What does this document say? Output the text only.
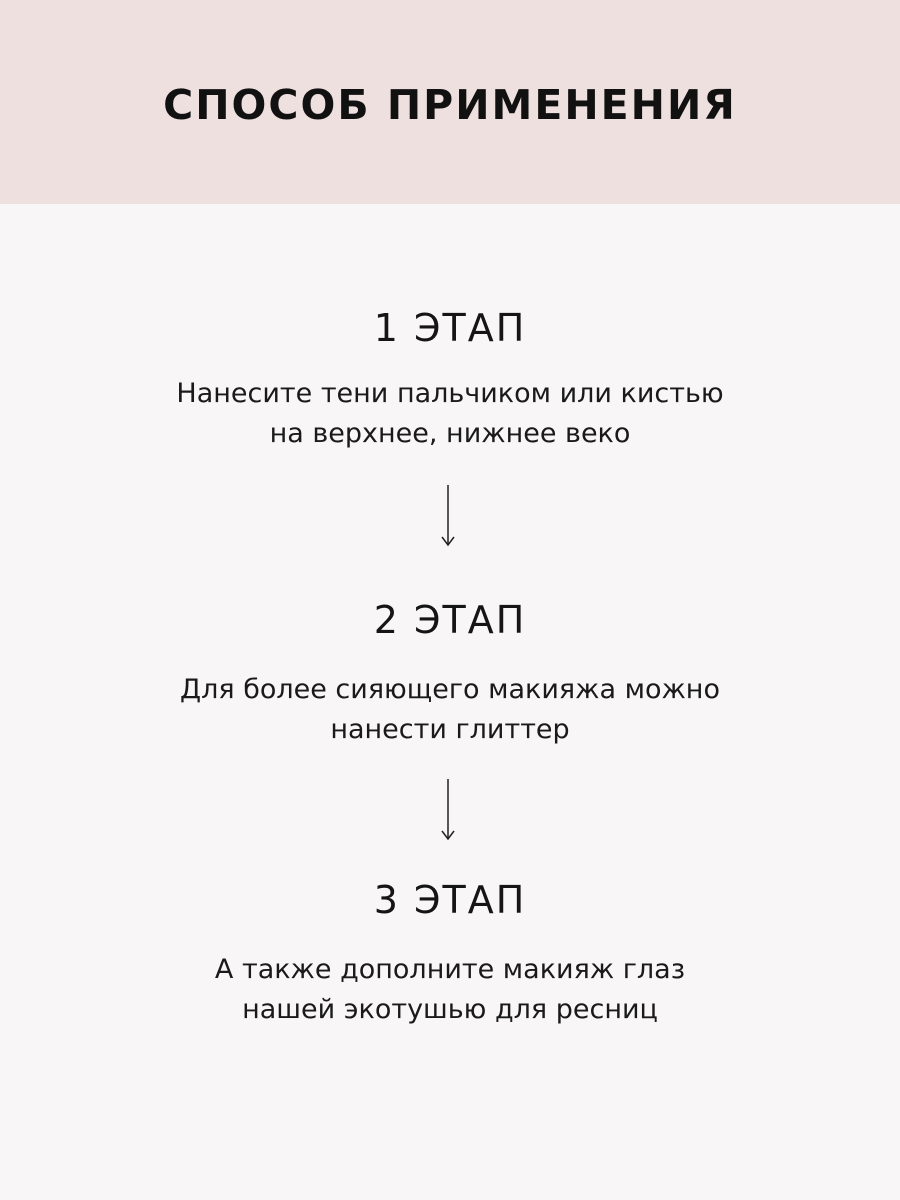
СПОСОБ ПРИМЕНЕНИЯ
1 ЭТАП
Нанесите тени пальчиком или кистью
на верхнее, нижнее веко
2 ЭТАП
Для более сияющего макияжа можно
нанести глиттер
3 ЭТАП
А также дополните макияж глаз
нашей экотушью для ресниц
